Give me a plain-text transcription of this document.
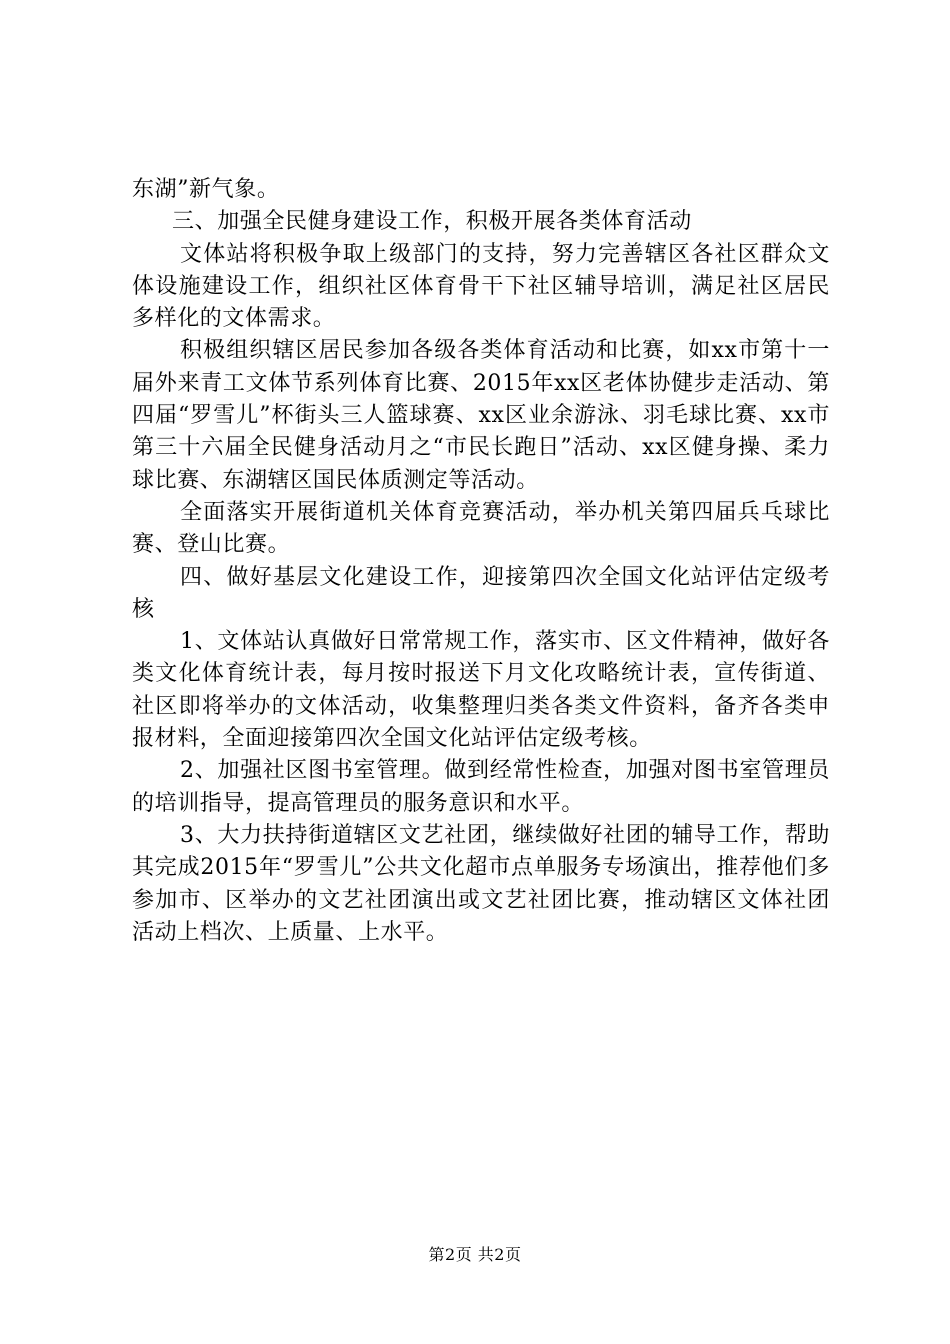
东湖”新气象。

三、加强全民健身建设工作，积极开展各类体育活动

文体站将积极争取上级部门的支持，努力完善辖区各社区群众文体设施建设工作，组织社区体育骨干下社区辅导培训，满足社区居民多样化的文体需求。

积极组织辖区居民参加各级各类体育活动和比赛，如xx市第十一届外来青工文体节系列体育比赛、2015年xx区老体协健步走活动、第四届“罗雪儿”杯街头三人篮球赛、xx区业余游泳、羽毛球比赛、xx市第三十六届全民健身活动月之“市民长跑日”活动、xx区健身操、柔力球比赛、东湖辖区国民体质测定等活动。

全面落实开展街道机关体育竞赛活动，举办机关第四届兵乓球比赛、登山比赛。

四、做好基层文化建设工作，迎接第四次全国文化站评估定级考核

1、文体站认真做好日常常规工作，落实市、区文件精神，做好各类文化体育统计表，每月按时报送下月文化攻略统计表，宣传街道、社区即将举办的文体活动，收集整理归类各类文件资料，备齐各类申报材料，全面迎接第四次全国文化站评估定级考核。

2、加强社区图书室管理。做到经常性检查，加强对图书室管理员的培训指导，提高管理员的服务意识和水平。

3、大力扶持街道辖区文艺社团，继续做好社团的辅导工作，帮助其完成2015年“罗雪儿”公共文化超市点单服务专场演出，推荐他们多参加市、区举办的文艺社团演出或文艺社团比赛，推动辖区文体社团活动上档次、上质量、上水平。

第2页 共2页
